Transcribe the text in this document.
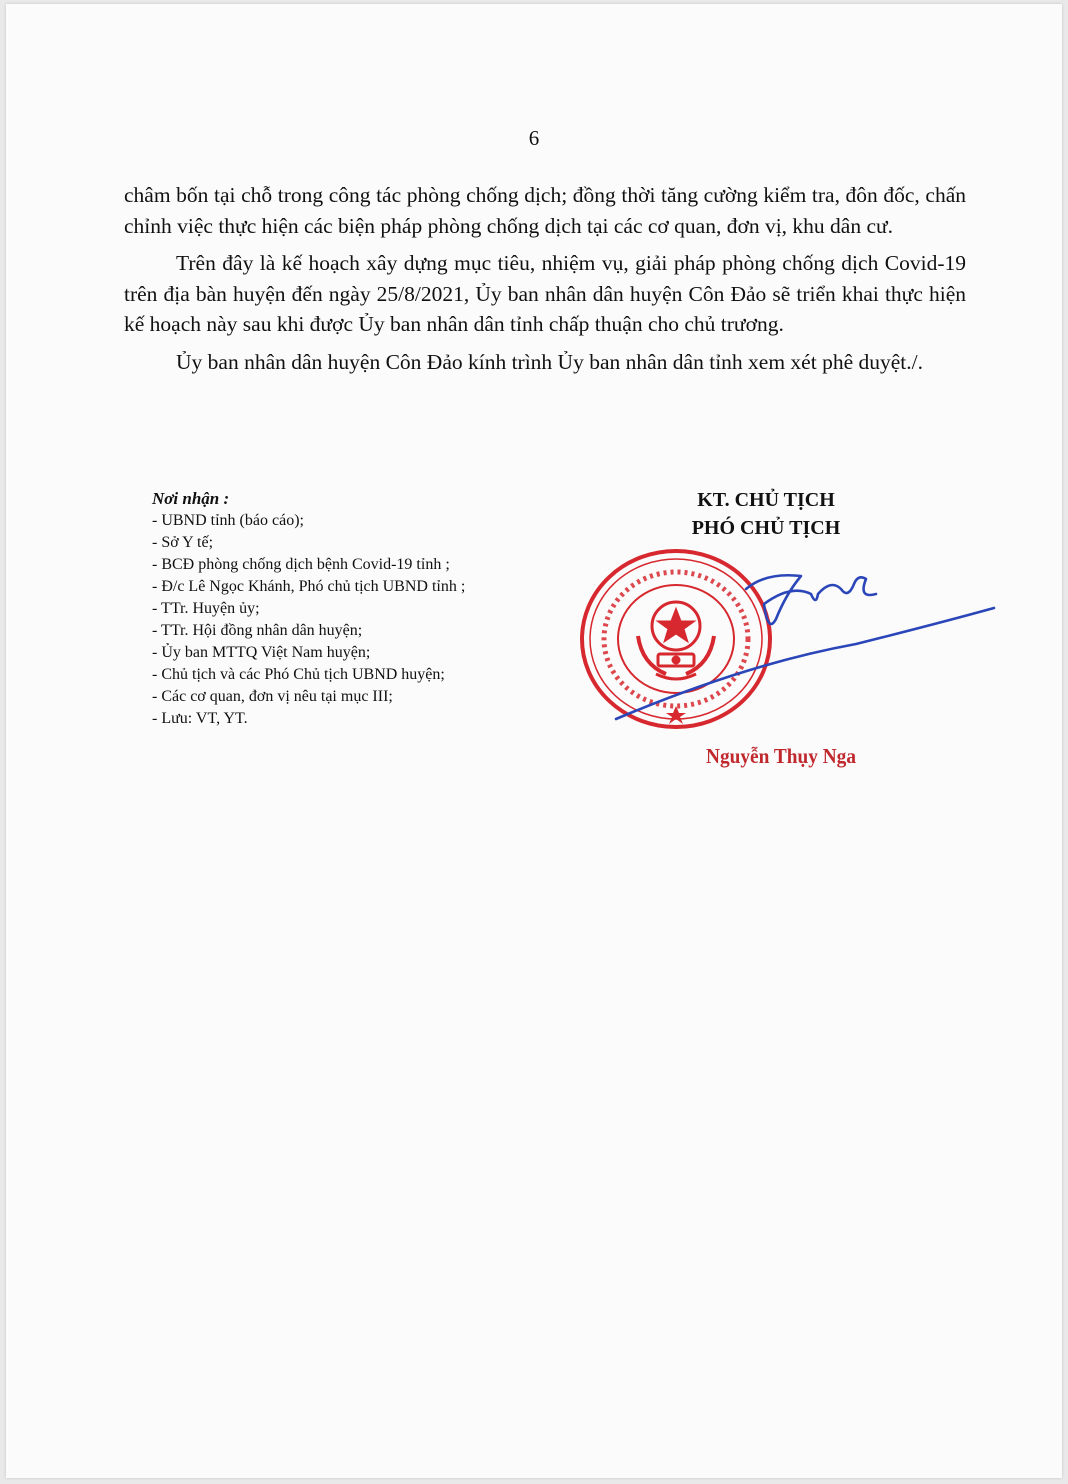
6

châm bốn tại chỗ trong công tác phòng chống dịch; đồng thời tăng cường kiểm tra, đôn đốc, chấn chỉnh việc thực hiện các biện pháp phòng chống dịch tại các cơ quan, đơn vị, khu dân cư.

Trên đây là kế hoạch xây dựng mục tiêu, nhiệm vụ, giải pháp phòng chống dịch Covid-19 trên địa bàn huyện đến ngày 25/8/2021, Ủy ban nhân dân huyện Côn Đảo sẽ triển khai thực hiện kế hoạch này sau khi được Ủy ban nhân dân tỉnh chấp thuận cho chủ trương.

Ủy ban nhân dân huyện Côn Đảo kính trình Ủy ban nhân dân tỉnh xem xét phê duyệt./.

Nơi nhận :
- UBND tỉnh (báo cáo);
- Sở Y tế;
- BCĐ phòng chống dịch bệnh Covid-19 tỉnh ;
- Đ/c Lê Ngọc Khánh, Phó chủ tịch UBND tỉnh ;
- TTr. Huyện ủy;
- TTr. Hội đồng nhân dân huyện;
- Ủy ban MTTQ Việt Nam huyện;
- Chủ tịch và các Phó Chủ tịch UBND huyện;
- Các cơ quan, đơn vị nêu tại mục III;
- Lưu: VT, YT.
KT. CHỦ TỊCH
PHÓ CHỦ TỊCH
Nguyễn Thụy Nga
